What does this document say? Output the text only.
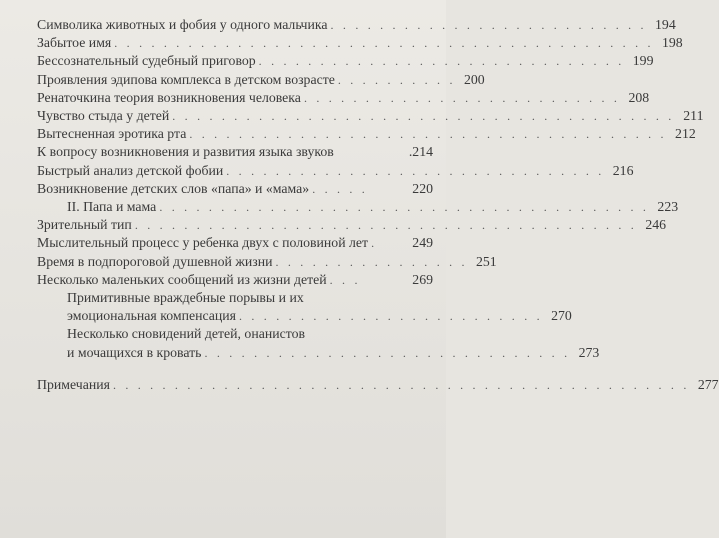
Символика животных и фобия у одного мальчика . . . . . . . . . . . . . . . . . . . . . . . . . . 194
Забытое имя . . . . . . . . . . . . . . . . . . . . . . . . . . . . . . . . . . . . . . . . . . . . 198
Бессознательный судебный приговор . . . . . . . . . . . . . . . . . . . . . . . . . . . . . . 199
Проявления эдипова комплекса в детском возрасте . . . . . . . . . . 200
Ренаточкина теория возникновения человека . . . . . . . . . . . . . . . . . . . . . . . . . . 208
Чувство стыда у детей . . . . . . . . . . . . . . . . . . . . . . . . . . . . . . . . . . . . . . . . . 211
Вытесненная эротика рта . . . . . . . . . . . . . . . . . . . . . . . . . . . . . . . . . . . . . . . 212
К вопросу возникновения и развития языка звуков	.214
Быстрый анализ детской фобии . . . . . . . . . . . . . . . . . . . . . . . . . . . . . . . 216
Возникновение детских слов «папа» и «мама» . . . . .	220
II. Папа и мама . . . . . . . . . . . . . . . . . . . . . . . . . . . . . . . . . . . . . . . . 223
Зрительный тип . . . . . . . . . . . . . . . . . . . . . . . . . . . . . . . . . . . . . . . . . 246
Мыслительный процесс у ребенка двух с половиной лет .	249
Время в подпороговой душевной жизни . . . . . . . . . . . . . . . . 251
Несколько маленьких сообщений из жизни детей . . .	269
Примитивные враждебные порывы и их
эмоциональная компенсация . . . . . . . . . . . . . . . . . . . . . . . . . 270
Несколько сновидений детей, онанистов
и мочащихся в кровать . . . . . . . . . . . . . . . . . . . . . . . . . . . . . . 273
Примечания . . . . . . . . . . . . . . . . . . . . . . . . . . . . . . . . . . . . . . . . . . . . . . . 277
